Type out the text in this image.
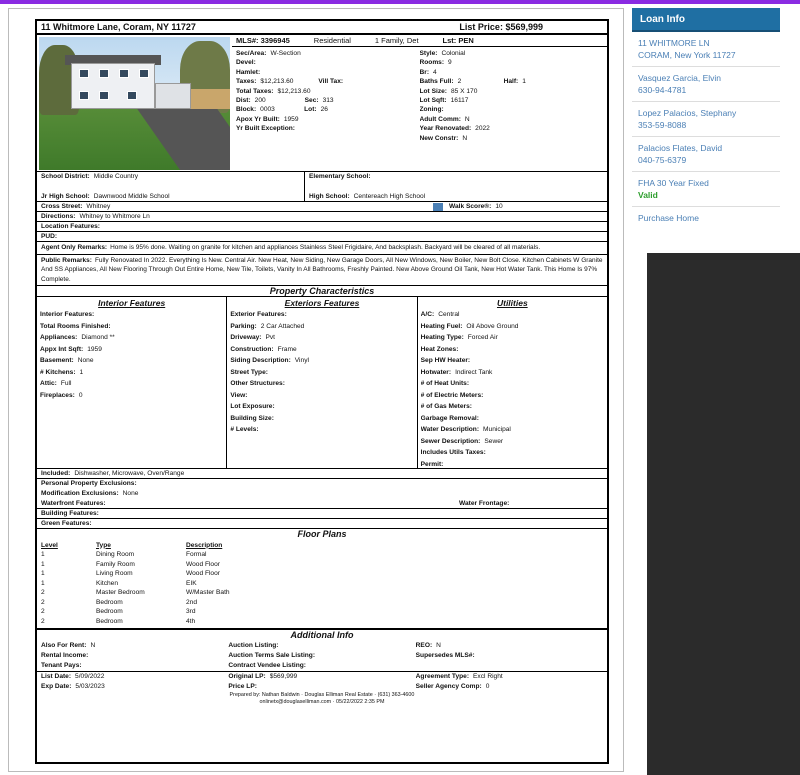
11 Whitmore Lane, Coram, NY 11727	List Price: $569,999
MLS#: 3396945	Residential	1 Family, Det	Lst: PEN
Sec/Area: W-Section
Devel:
Hamlet:
Taxes: $12,213.60	Vill Tax:
Total Taxes: $12,213.60
Dist: 200	Sec: 313
Block: 0003	Lot: 26
Apox Yr Built: 1959
Yr Built Exception:
Style: Colonial
Rooms: 9
Br: 4
Baths Full: 2	Half: 1
Lot Size: 85 X 170
Lot Sqft: 16117
Zoning:
Adult Comm: N
Year Renovated: 2022
New Constr: N
School District: Middle Country
Jr High School: Dawnwood Middle School
Elementary School:
High School: Centereach High School
Cross Street: Whitney	Walk Score®: 10
Directions: Whitney to Whitmore Ln
Location Features:
PUD:
Agent Only Remarks: Home is 95% done. Waiting on granite for kitchen and appliances Stainless Steel Frigidaire, And backsplash. Backyard will be cleared of all materials.
Public Remarks: Fully Renovated In 2022. Everything Is New. Central Air. New Heat, New Siding, New Garage Doors, All New Windows, New Boiler, New Bolt Close. Kitchen Cabinets W Granite And SS Appliances, All New Flooring Through Out Entire Home, New Tile, Toilets, Vanity In All Bathrooms, Freshly Painted. New Above Ground Oil Tank, New Hot Water Tank. This Home Is 97% Complete.
Property Characteristics
Interior Features
Interior Features:
Total Rooms Finished:
Appliances: Diamond **
Appx Int Sqft: 1959
Basement: None
# Kitchens: 1
Attic: Full
Fireplaces: 0
Exteriors Features
Exterior Features:
Parking: 2 Car Attached
Driveway: Pvt
Construction: Frame
Siding Description: Vinyl
Street Type:
Other Structures:
View:
Lot Exposure:
Building Size:
# Levels:
Utilities
A/C: Central
Heating Fuel: Oil Above Ground
Heating Type: Forced Air
Heat Zones:
Sep HW Heater:
Hotwater: Indirect Tank
# of Heat Units:
# of Electric Meters:
# of Gas Meters:
Garbage Removal:
Water Description: Municipal
Sewer Description: Sewer
Includes Utils Taxes:
Permit:
Included: Dishwasher, Microwave, Oven/Range
Personal Property Exclusions:
Modification Exclusions: None
Waterfront Features:	Water Frontage:
Building Features:
Green Features:
Floor Plans
Level	Type	Description
1	Dining Room	Formal
1	Family Room	Wood Floor
1	Living Room	Wood Floor
1	Kitchen	EIK
2	Master Bedroom	W/Master Bath
2	Bedroom	2nd
2	Bedroom	3rd
2	Bedroom	4th
Additional Info
Also For Rent: N
Rental Income:
Tenant Pays:
Auction Listing:
Auction Terms Sale Listing:
Contract Vendee Listing:
REO: N
Supersedes MLS#:
List Date: 5/09/2022
Exp Date: 5/03/2023
Original LP: $569,999
Price LP:
Agreement Type: Excl Right
Seller Agency Comp: 0
Prepared by: Nathan Baldwin · Douglas Elliman Real Estate · (631) 363-4600
onlinetx@douglaselliman.com · 05/22/2022 2:35 PM
Loan Info
11 WHITMORE LN
CORAM, New York 11727
Vasquez Garcia, Elvin
630-94-4781
Lopez Palacios, Stephany
353-59-8088
Palacios Flates, David
040-75-6379
FHA 30 Year Fixed
Valid
Purchase Home
